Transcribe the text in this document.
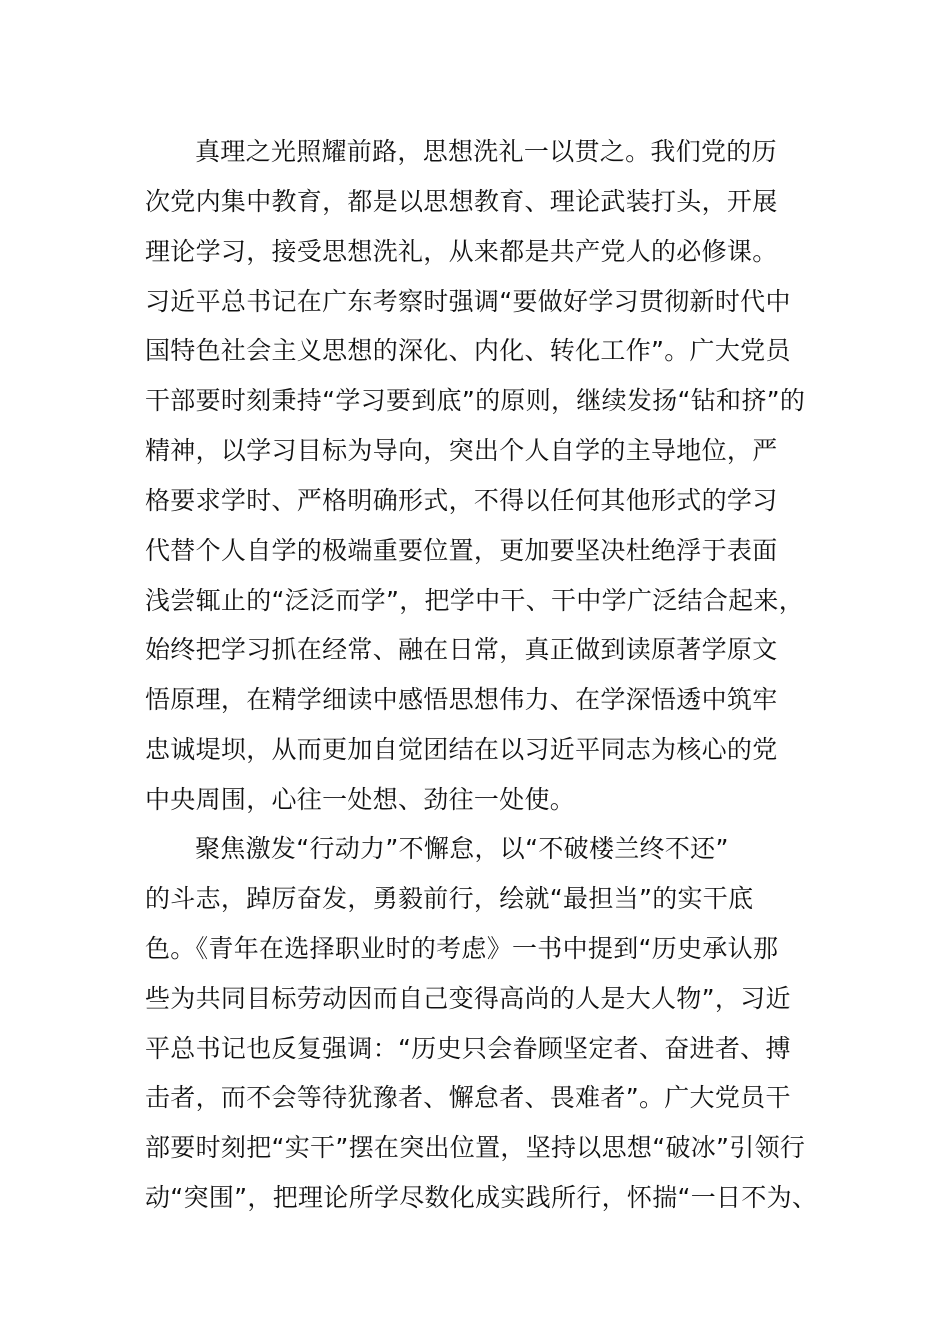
真理之光照耀前路，思想洗礼一以贯之。我们党的历
次党内集中教育，都是以思想教育、理论武装打头，开展
理论学习，接受思想洗礼，从来都是共产党人的必修课。
习近平总书记在广东考察时强调“要做好学习贯彻新时代中
国特色社会主义思想的深化、内化、转化工作”。广大党员
干部要时刻秉持“学习要到底”的原则，继续发扬“钻和挤”的
精神，以学习目标为导向，突出个人自学的主导地位，严
格要求学时、严格明确形式，不得以任何其他形式的学习
代替个人自学的极端重要位置，更加要坚决杜绝浮于表面
浅尝辄止的“泛泛而学”，把学中干、干中学广泛结合起来，
始终把学习抓在经常、融在日常，真正做到读原著学原文
悟原理，在精学细读中感悟思想伟力、在学深悟透中筑牢
忠诚堤坝，从而更加自觉团结在以习近平同志为核心的党
中央周围，心往一处想、劲往一处使。
聚焦激发“行动力”不懈怠，以“不破楼兰终不还”
的斗志，踔厉奋发，勇毅前行，绘就“最担当”的实干底
色。《青年在选择职业时的考虑》一书中提到“历史承认那
些为共同目标劳动因而自己变得高尚的人是大人物”，习近
平总书记也反复强调：“历史只会眷顾坚定者、奋进者、搏
击者，而不会等待犹豫者、懈怠者、畏难者”。广大党员干
部要时刻把“实干”摆在突出位置，坚持以思想“破冰”引领行
动“突围”，把理论所学尽数化成实践所行，怀揣“一日不为、
